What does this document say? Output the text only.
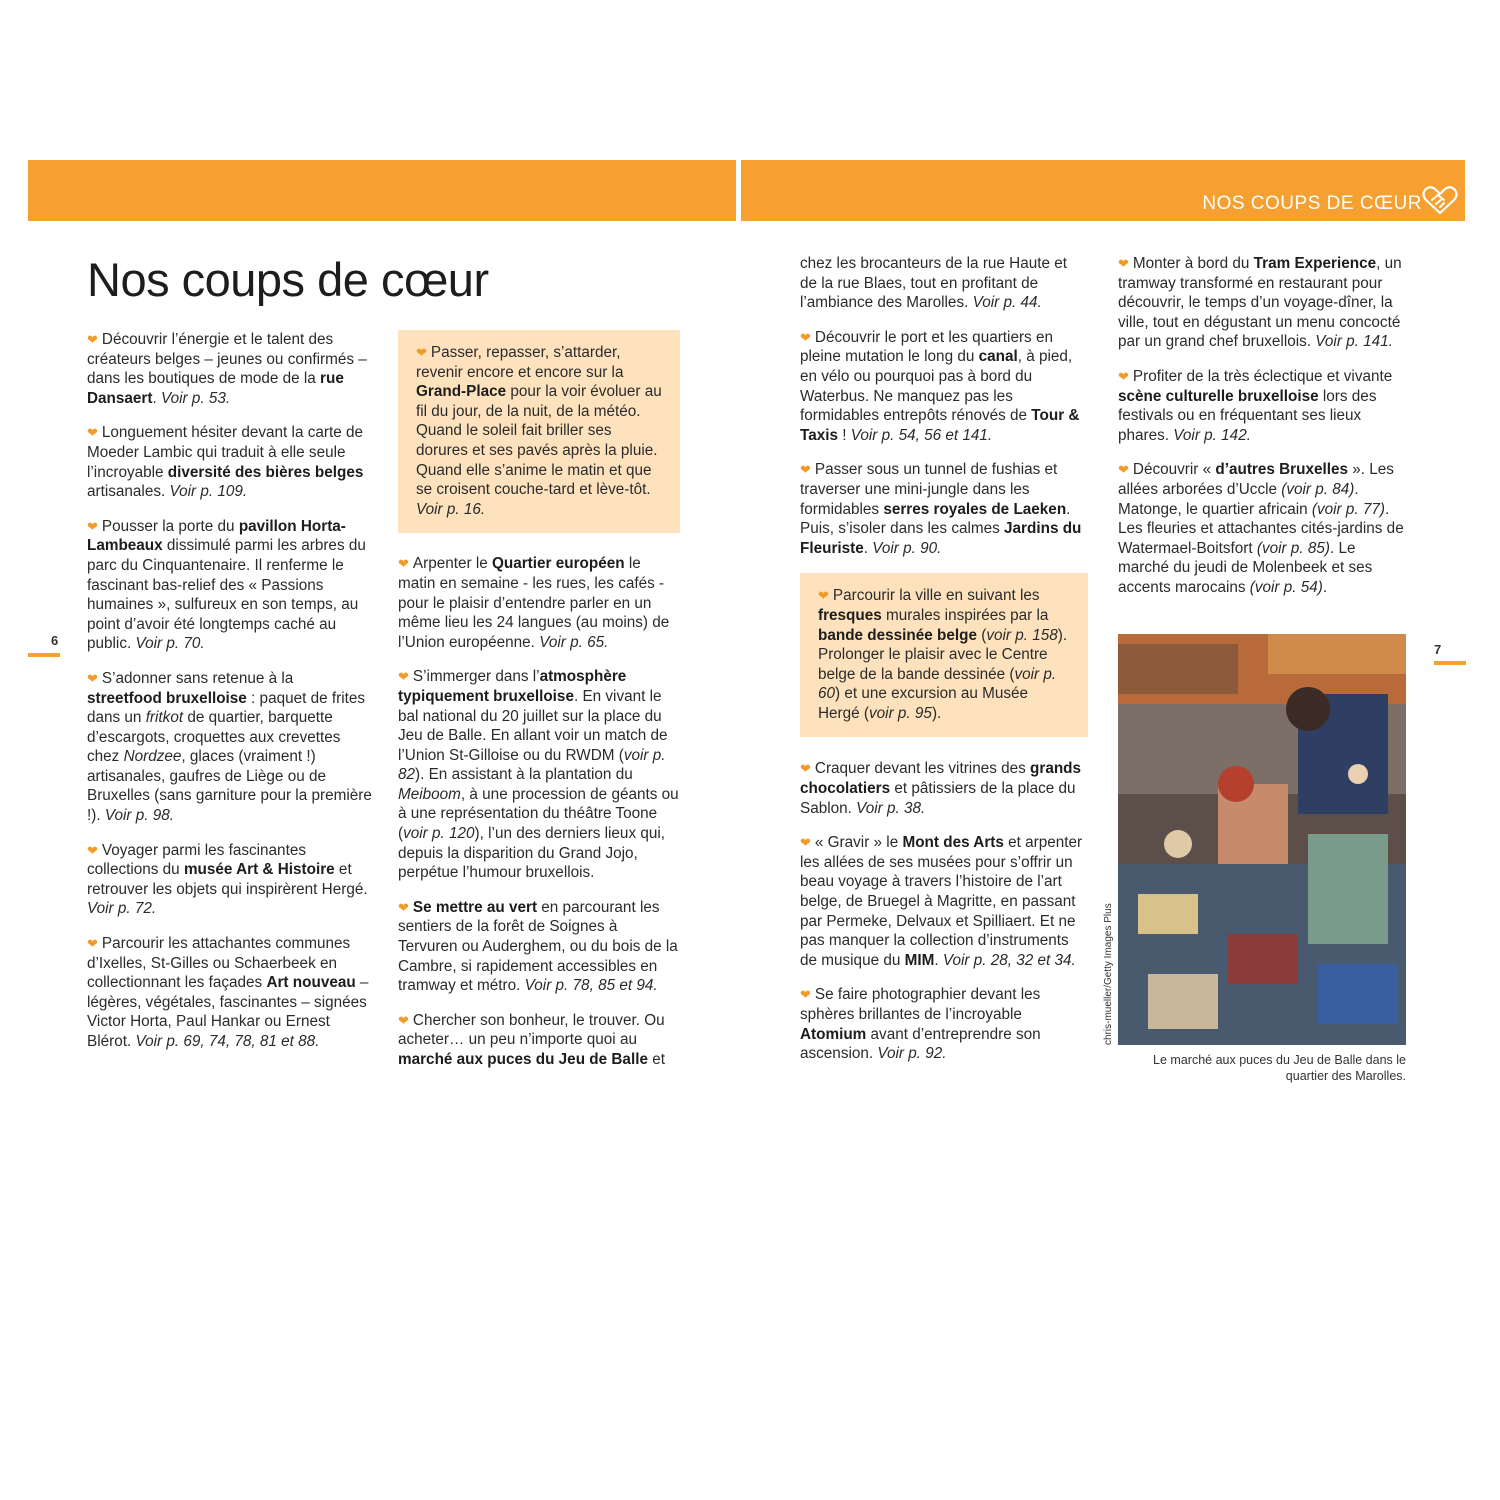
NOS COUPS DE CŒUR
Nos coups de cœur
6
7

❤ Découvrir l’énergie et le talent des créateurs belges – jeunes ou confirmés – dans les boutiques de mode de la rue Dansaert. Voir p. 53.

❤ Longuement hésiter devant la carte de Moeder Lambic qui traduit à elle seule l’incroyable diversité des bières belges artisanales. Voir p. 109.

❤ Pousser la porte du pavillon Horta-Lambeaux dissimulé parmi les arbres du parc du Cinquantenaire. Il renferme le fascinant bas-relief des « Passions humaines », sulfureux en son temps, au point d’avoir été longtemps caché au public. Voir p. 70.

❤ S’adonner sans retenue à la streetfood bruxelloise : paquet de frites dans un fritkot de quartier, barquette d’escargots, croquettes aux crevettes chez Nordzee, glaces (vraiment !) artisanales, gaufres de Liège ou de Bruxelles (sans garniture pour la première !). Voir p. 98.

❤ Voyager parmi les fascinantes collections du musée Art & Histoire et retrouver les objets qui inspirèrent Hergé. Voir p. 72.

❤ Parcourir les attachantes communes d’Ixelles, St-Gilles ou Schaerbeek en collectionnant les façades Art nouveau – légères, végétales, fascinantes – signées Victor Horta, Paul Hankar ou Ernest Blérot. Voir p. 69, 74, 78, 81 et 88.

❤ Passer, repasser, s’attarder, revenir encore et encore sur la Grand-Place pour la voir évoluer au fil du jour, de la nuit, de la météo. Quand le soleil fait briller ses dorures et ses pavés après la pluie. Quand elle s’anime le matin et que se croisent couche-tard et lève-tôt. Voir p. 16.

❤ Arpenter le Quartier européen le matin en semaine - les rues, les cafés - pour le plaisir d’entendre parler en un même lieu les 24 langues (au moins) de l’Union européenne. Voir p. 65.

❤ S’immerger dans l’atmosphère typiquement bruxelloise. En vivant le bal national du 20 juillet sur la place du Jeu de Balle. En allant voir un match de l’Union St-Gilloise ou du RWDM (voir p. 82). En assistant à la plantation du Meiboom, à une procession de géants ou à une représentation du théâtre Toone (voir p. 120), l’un des derniers lieux qui, depuis la disparition du Grand Jojo, perpétue l’humour bruxellois.

❤ Se mettre au vert en parcourant les sentiers de la forêt de Soignes à Tervuren ou Auderghem, ou du bois de la Cambre, si rapidement accessibles en tramway et métro. Voir p. 78, 85 et 94.

❤ Chercher son bonheur, le trouver. Ou acheter… un peu n’importe quoi au marché aux puces du Jeu de Balle et

chez les brocanteurs de la rue Haute et de la rue Blaes, tout en profitant de l’ambiance des Marolles. Voir p. 44.

❤ Découvrir le port et les quartiers en pleine mutation le long du canal, à pied, en vélo ou pourquoi pas à bord du Waterbus. Ne manquez pas les formidables entrepôts rénovés de Tour & Taxis ! Voir p. 54, 56 et 141.

❤ Passer sous un tunnel de fushias et traverser une mini-jungle dans les formidables serres royales de Laeken. Puis, s’isoler dans les calmes Jardins du Fleuriste. Voir p. 90.

❤ Parcourir la ville en suivant les fresques murales inspirées par la bande dessinée belge (voir p. 158). Prolonger le plaisir avec le Centre belge de la bande dessinée (voir p. 60) et une excursion au Musée Hergé (voir p. 95).

❤ Craquer devant les vitrines des grands chocolatiers et pâtissiers de la place du Sablon. Voir p. 38.

❤ « Gravir » le Mont des Arts et arpenter les allées de ses musées pour s’offrir un beau voyage à travers l’histoire de l’art belge, de Bruegel à Magritte, en passant par Permeke, Delvaux et Spilliaert. Et ne pas manquer la collection d’instruments de musique du MIM. Voir p. 28, 32 et 34.

❤ Se faire photographier devant les sphères brillantes de l’incroyable Atomium avant d’entreprendre son ascension. Voir p. 92.

❤ Monter à bord du Tram Experience, un tramway transformé en restaurant pour découvrir, le temps d’un voyage-dîner, la ville, tout en dégustant un menu concocté par un grand chef bruxellois. Voir p. 141.

❤ Profiter de la très éclectique et vivante scène culturelle bruxelloise lors des festivals ou en fréquentant ses lieux phares. Voir p. 142.

❤ Découvrir « d’autres Bruxelles ». Les allées arborées d’Uccle (voir p. 84). Matonge, le quartier africain (voir p. 77). Les fleuries et attachantes cités-jardins de Watermael-Boitsfort (voir p. 85). Le marché du jeudi de Molenbeek et ses accents marocains (voir p. 54).

chris-mueller/Getty Images Plus
Le marché aux puces du Jeu de Balle dans le quartier des Marolles.
